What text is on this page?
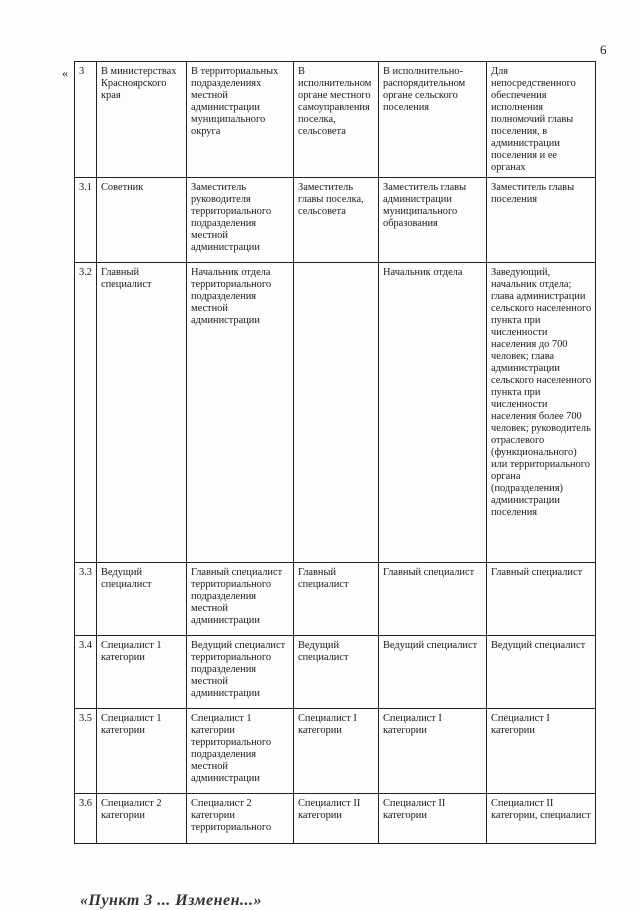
6
« 3	В министерствах Красноярского края	В территориальных подразделениях местной администрации муниципального округа	В исполнительном органе местного самоуправления поселка, сельсовета	В исполнительно-распорядительном органе сельского поселения	Для непосредственного обеспечения исполнения полномочий главы поселения, в администрации поселения и ее органах
3.1	Советник	Заместитель руководителя территориального подразделения местной администрации	Заместитель главы поселка, сельсовета	Заместитель главы администрации муниципального образования	Заместитель главы поселения
3.2	Главный специалист	Начальник отдела территориального подразделения местной администрации		Начальник отдела	Заведующий, начальник отдела; глава администрации сельского населенного пункта при численности населения до 700 человек; глава администрации сельского населенного пункта при численности населения более 700 человек; руководитель отраслевого (функционального) или территориального органа (подразделения) администрации поселения
3.3	Ведущий специалист	Главный специалист территориального подразделения местной администрации	Главный специалист	Главный специалист	Главный специалист
3.4	Специалист 1 категории	Ведущий специалист территориального подразделения местной администрации	Ведущий специалист	Ведущий специалист	Ведущий специалист
3.5	Специалист 1 категории	Специалист 1 категории территориального подразделения местной администрации	Специалист I категории	Специалист I категории	Специалист I категории
3.6	Специалист 2 категории	Специалист 2 категории территориального	Специалист II категории	Специалист II категории	Специалист II категории, специалист
«Пункт 3 ... Изменен...»
